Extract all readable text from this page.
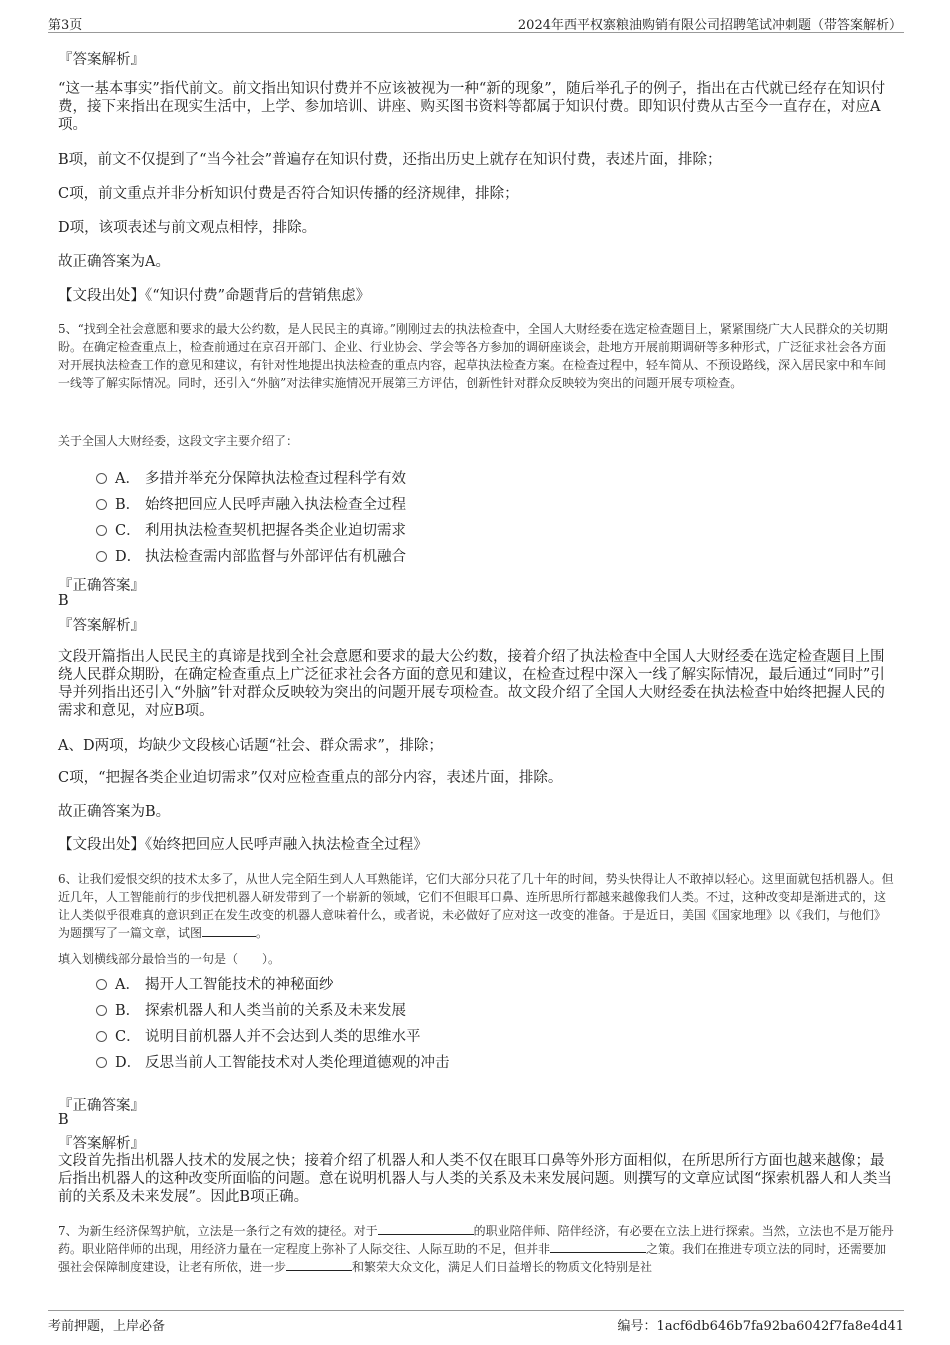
第3页	2024年西平权寨粮油购销有限公司招聘笔试冲刺题（带答案解析）
『答案解析』
“这一基本事实”指代前文。前文指出知识付费并不应该被视为一种“新的现象”，随后举孔子的例子，指出在古代就已经存在知识付费，接下来指出在现实生活中，上学、参加培训、讲座、购买图书资料等都属于知识付费。即知识付费从古至今一直存在，对应A项。
B项，前文不仅提到了“当今社会”普遍存在知识付费，还指出历史上就存在知识付费，表述片面，排除；
C项，前文重点并非分析知识付费是否符合知识传播的经济规律，排除；
D项，该项表述与前文观点相悖，排除。
故正确答案为A。
【文段出处】《“知识付费”命题背后的营销焦虑》
5、“找到全社会意愿和要求的最大公约数，是人民民主的真谛。”刚刚过去的执法检查中，全国人大财经委在选定检查题目上，紧紧围绕广大人民群众的关切期盼。在确定检查重点上，检查前通过在京召开部门、企业、行业协会、学会等各方参加的调研座谈会，赴地方开展前期调研等多种形式，广泛征求社会各方面对开展执法检查工作的意见和建议，有针对性地提出执法检查的重点内容，起草执法检查方案。在检查过程中，轻车简从、不预设路线，深入居民家中和车间一线等了解实际情况。同时，还引入“外脑”对法律实施情况开展第三方评估，创新性针对群众反映较为突出的问题开展专项检查。
关于全国人大财经委，这段文字主要介绍了：
A． 多措并举充分保障执法检查过程科学有效
B． 始终把回应人民呼声融入执法检查全过程
C． 利用执法检查契机把握各类企业迫切需求
D． 执法检查需内部监督与外部评估有机融合
『正确答案』
B
『答案解析』
文段开篇指出人民民主的真谛是找到全社会意愿和要求的最大公约数，接着介绍了执法检查中全国人大财经委在选定检查题目上围绕人民群众期盼，在确定检查重点上广泛征求社会各方面的意见和建议，在检查过程中深入一线了解实际情况，最后通过“同时”引导并列指出还引入“外脑”针对群众反映较为突出的问题开展专项检查。故文段介绍了全国人大财经委在执法检查中始终把握人民的需求和意见，对应B项。
A、D两项，均缺少文段核心话题“社会、群众需求”，排除；
C项，“把握各类企业迫切需求”仅对应检查重点的部分内容，表述片面，排除。
故正确答案为B。
【文段出处】《始终把回应人民呼声融入执法检查全过程》
6、让我们爱恨交织的技术太多了，从世人完全陌生到人人耳熟能详，它们大部分只花了几十年的时间，势头快得让人不敢掉以轻心。这里面就包括机器人。但近几年，人工智能前行的步伐把机器人研发带到了一个崭新的领域，它们不但眼耳口鼻、连所思所行都越来越像我们人类。不过，这种改变却是渐进式的，这让人类似乎很难真的意识到正在发生改变的机器人意味着什么，或者说，未必做好了应对这一改变的准备。于是近日，美国《国家地理》以《我们，与他们》为题撰写了一篇文章，试图	。
填入划横线部分最恰当的一句是（　　）。
A． 揭开人工智能技术的神秘面纱
B． 探索机器人和人类当前的关系及未来发展
C． 说明目前机器人并不会达到人类的思维水平
D． 反思当前人工智能技术对人类伦理道德观的冲击
『正确答案』
B
『答案解析』
文段首先指出机器人技术的发展之快；接着介绍了机器人和人类不仅在眼耳口鼻等外形方面相似，在所思所行方面也越来越像；最后指出机器人的这种改变所面临的问题。意在说明机器人与人类的关系及未来发展问题。则撰写的文章应试图“探索机器人和人类当前的关系及未来发展”。因此B项正确。
7、为新生经济保驾护航，立法是一条行之有效的捷径。对于	的职业陪伴师、陪伴经济，有必要在立法上进行探索。当然，立法也不是万能丹药。职业陪伴师的出现，用经济力量在一定程度上弥补了人际交往、人际互助的不足，但并非	之策。我们在推进专项立法的同时，还需要加强社会保障制度建设，让老有所依，进一步	和繁荣大众文化，满足人们日益增长的物质文化特别是社
考前押题，上岸必备	编号：1acf6db646b7fa92ba6042f7fa8e4d41
